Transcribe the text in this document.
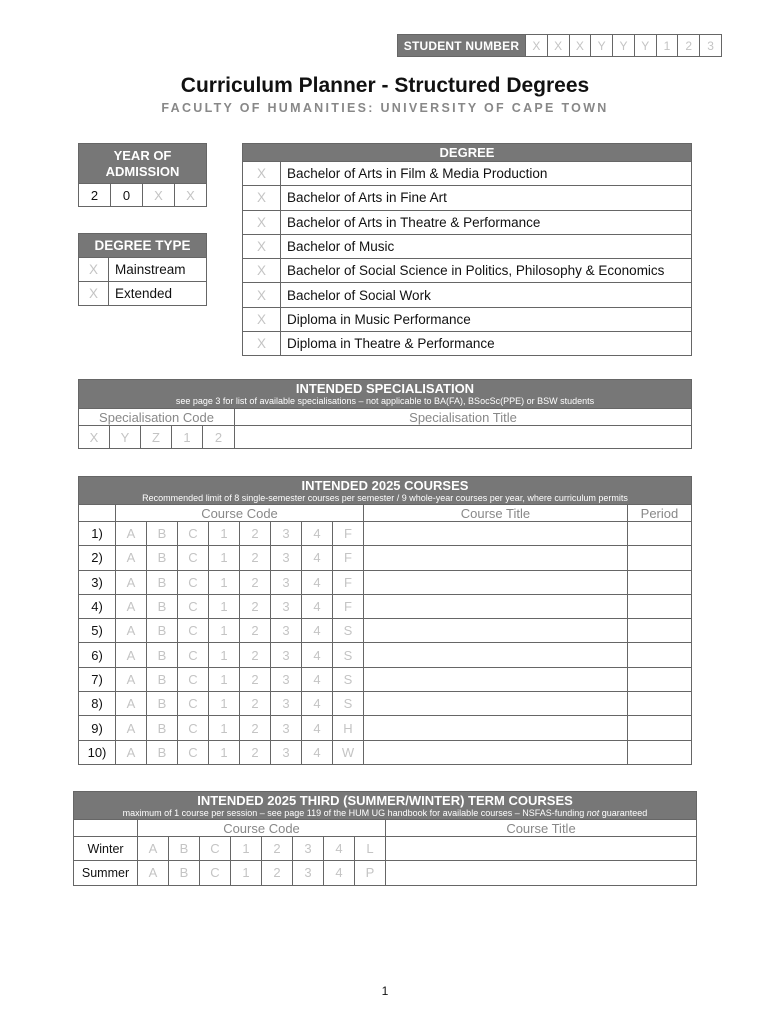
STUDENT NUMBER	X	X	X	Y	Y	Y	1	2	3
Curriculum Planner - Structured Degrees
FACULTY OF HUMANITIES: UNIVERSITY OF CAPE TOWN
YEAR OF ADMISSION
2	0	X	X
DEGREE TYPE	
X	Mainstream
X	Extended
DEGREE	
X	Bachelor of Arts in Film & Media Production
X	Bachelor of Arts in Fine Art
X	Bachelor of Arts in Theatre & Performance
X	Bachelor of Music
X	Bachelor of Social Science in Politics, Philosophy & Economics
X	Bachelor of Social Work
X	Diploma in Music Performance
X	Diploma in Theatre & Performance
INTENDED SPECIALISATION
see page 3 for list of available specialisations – not applicable to BA(FA), BSocSc(PPE) or BSW students					

Specialisation Code					Specialisation Title
X	Y	Z	1	2	
INTENDED 2025 COURSES
Recommended limit of 8 single-semester courses per semester / 9 whole-year courses per year, where curriculum permits										

	Course Code								Course Title	Period
1)	A	B	C	1	2	3	4	F		
2)	A	B	C	1	2	3	4	F		
3)	A	B	C	1	2	3	4	F		
4)	A	B	C	1	2	3	4	F		
5)	A	B	C	1	2	3	4	S		
6)	A	B	C	1	2	3	4	S		
7)	A	B	C	1	2	3	4	S		
8)	A	B	C	1	2	3	4	S		
9)	A	B	C	1	2	3	4	H		
10)	A	B	C	1	2	3	4	W		
INTENDED 2025 THIRD (SUMMER/WINTER) TERM COURSES
maximum of 1 course per session – see page 119 of the HUM UG handbook for available courses – NSFAS-funding not guaranteed									

	Course Code								Course Title
Winter	A	B	C	1	2	3	4	L	
Summer	A	B	C	1	2	3	4	P	
1
